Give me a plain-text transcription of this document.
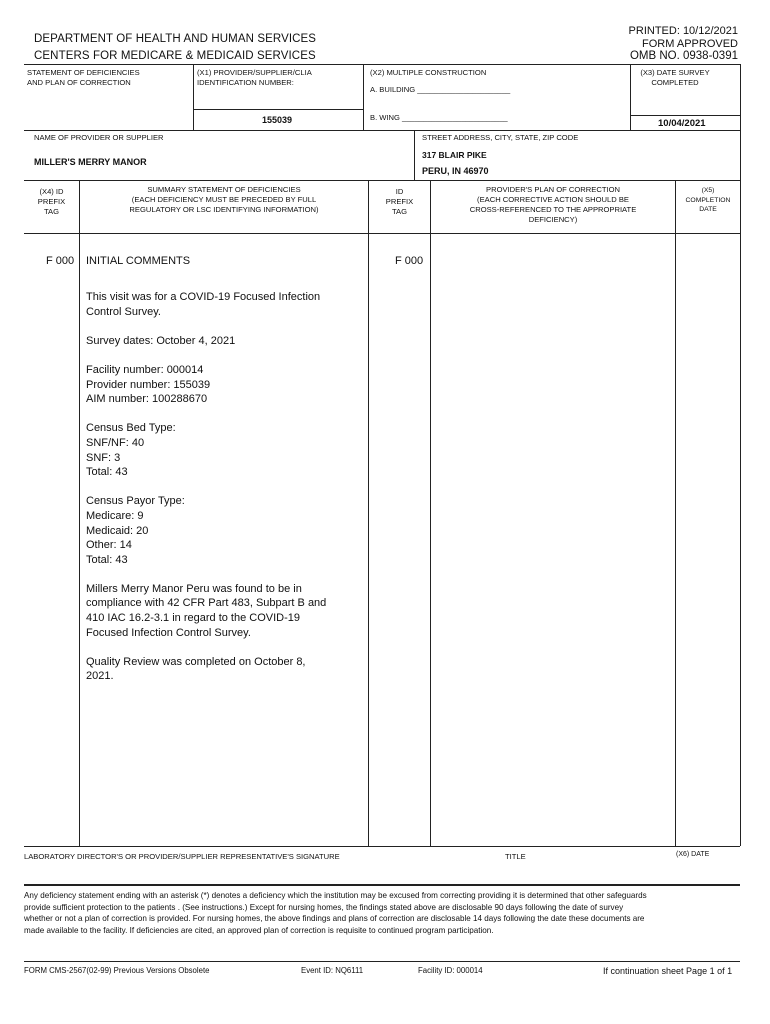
DEPARTMENT OF HEALTH AND HUMAN SERVICES
CENTERS FOR MEDICARE & MEDICAID SERVICES
PRINTED: 10/12/2021
FORM APPROVED
OMB NO. 0938-0391
STATEMENT OF DEFICIENCIES
AND PLAN OF CORRECTION
(X1) PROVIDER/SUPPLIER/CLIA
IDENTIFICATION NUMBER:
155039
(X2) MULTIPLE CONSTRUCTION
A. BUILDING ______________________
B. WING _________________________
(X3) DATE SURVEY
COMPLETED
10/04/2021
NAME OF PROVIDER OR SUPPLIER
MILLER'S MERRY MANOR
STREET ADDRESS, CITY, STATE, ZIP CODE
317 BLAIR PIKE
PERU, IN 46970
(X4) ID
PREFIX
TAG
SUMMARY STATEMENT OF DEFICIENCIES
(EACH DEFICIENCY MUST BE PRECEDED BY FULL
REGULATORY OR LSC IDENTIFYING INFORMATION)
ID
PREFIX
TAG
PROVIDER'S PLAN OF CORRECTION
(EACH CORRECTIVE ACTION SHOULD BE
CROSS-REFERENCED TO THE APPROPRIATE
DEFICIENCY)
(X5)
COMPLETION
DATE
F 000	F 000
INITIAL COMMENTS

This visit was for a COVID-19 Focused Infection
Control Survey.

Survey dates: October 4, 2021

Facility number: 000014
Provider number: 155039
AIM number: 100288670

Census Bed Type:
SNF/NF: 40
SNF: 3
Total: 43

Census Payor Type:
Medicare: 9
Medicaid: 20
Other: 14
Total: 43

Millers Merry Manor Peru was found to be in
compliance with 42 CFR Part 483, Subpart B and
410 IAC 16.2-3.1 in regard to the COVID-19
Focused Infection Control Survey.

Quality Review was completed on October 8,
2021.

LABORATORY DIRECTOR'S OR PROVIDER/SUPPLIER REPRESENTATIVE'S SIGNATURE	TITLE	(X6) DATE
Any deficiency statement ending with an asterisk (*) denotes a deficiency which the institution may be excused from correcting providing it is determined that other safeguards provide sufficient protection to the patients . (See instructions.) Except for nursing homes, the findings stated above are disclosable 90 days following the date of survey whether or not a plan of correction is provided. For nursing homes, the above findings and plans of correction are disclosable 14 days following the date these documents are made available to the facility. If deficiencies are cited, an approved plan of correction is requisite to continued program participation.
FORM CMS-2567(02-99) Previous Versions Obsolete	Event ID: NQ6111	Facility ID: 000014	If continuation sheet Page 1 of 1
